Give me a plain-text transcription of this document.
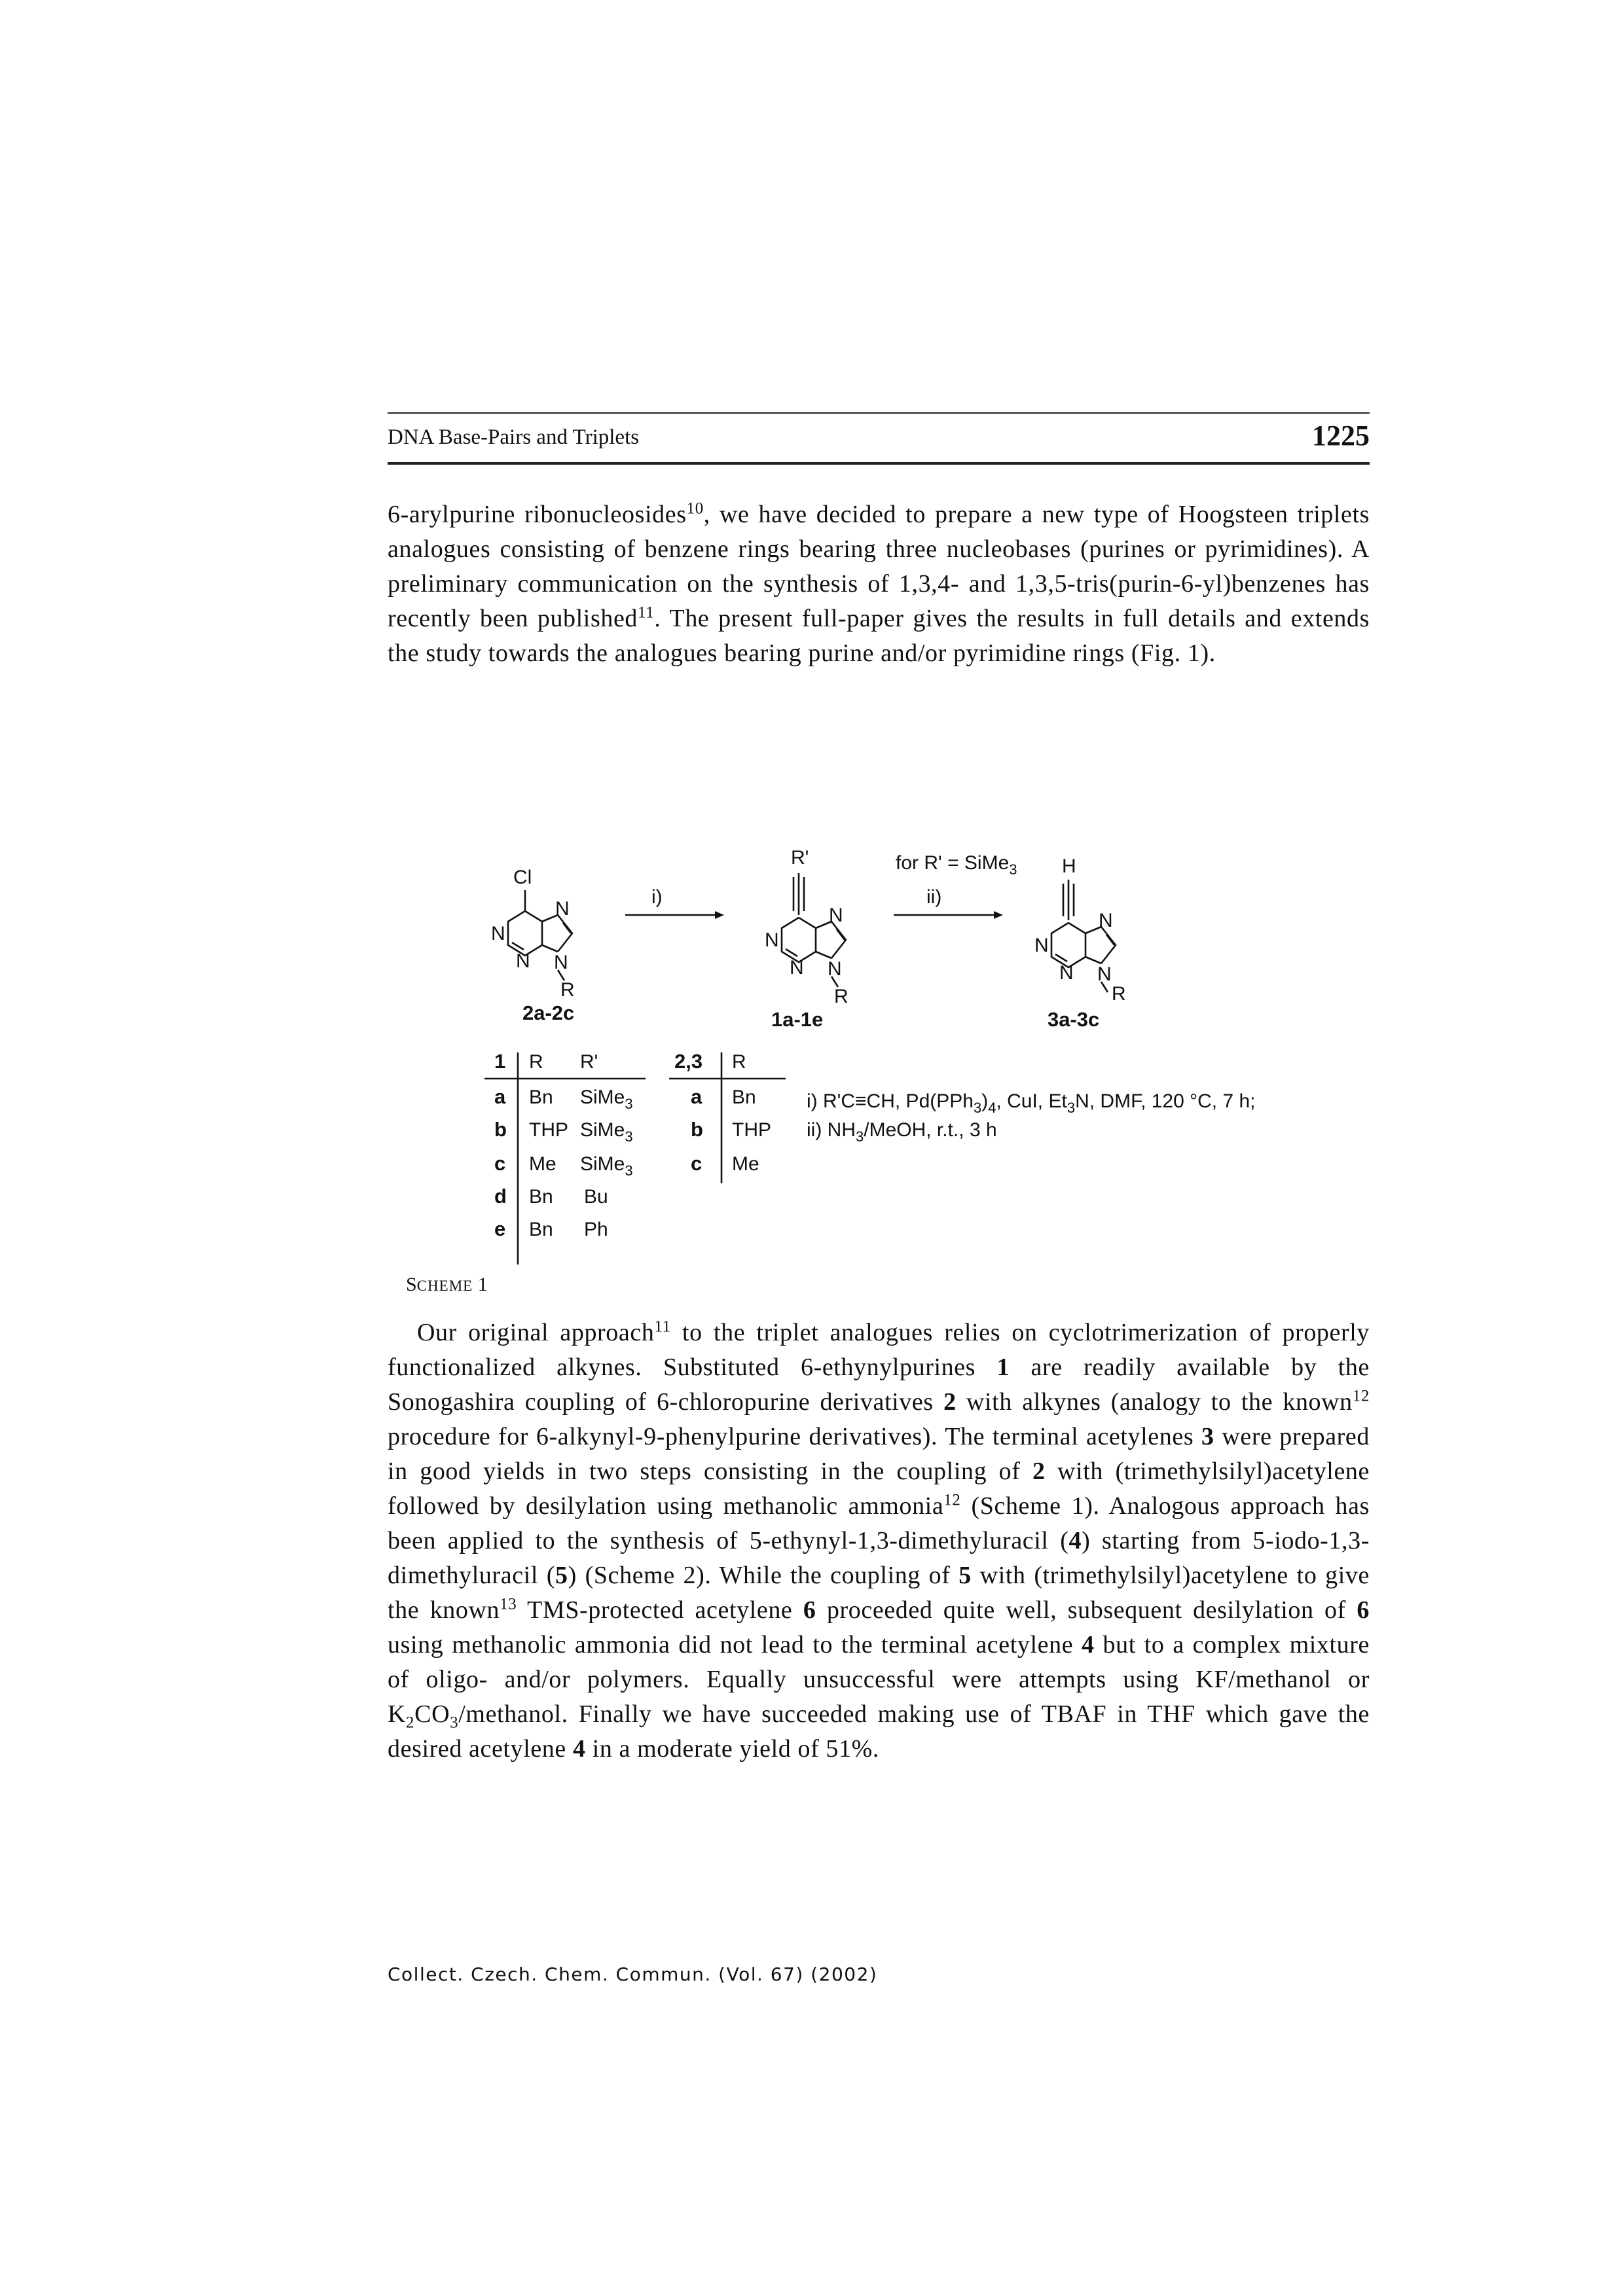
DNA Base-Pairs and Triplets	1225

6-arylpurine ribonucleosides$^{10}$, we have decided to prepare a new type of Hoogsteen triplets analogues consisting of benzene rings bearing three nucleobases (purines or pyrimidines). A preliminary communication on the synthesis of 1,3,4- and 1,3,5-tris(purin-6-yl)benzenes has recently been published$^{11}$. The present full-paper gives the results in full details and extends the study towards the analogues bearing purine and/or pyrimidine rings (Fig. 1).

Cl
N
N
N
N
R
2a-2c
i)
R'
N
N
N
N
R
1a-1e
for R' = SiMe$_3$
ii)
H
N
N
N
N
R
3a-3c
1 R R'
a Bn SiMe$_3$
b THP SiMe$_3$
c Me SiMe$_3$
d Bn Bu
e Bn Ph
2,3 R
a Bn
b THP
c Me
i) R'C≡CH, $Pd(PPh_3)_4$, CuI, $Et_3N$, DMF, 120 °C, 7 h;
ii) $NH_3$/MeOH, r.t., 3 h
SCHEME 1

Our original approach$^{11}$ to the triplet analogues relies on cyclotrimerization of properly functionalized alkynes. Substituted 6-ethynylpurines 1 are readily available by the Sonogashira coupling of 6-chloropurine derivatives 2 with alkynes (analogy to the known$^{12}$ procedure for 6-alkynyl-9-phenylpurine derivatives). The terminal acetylenes 3 were prepared in good yields in two steps consisting in the coupling of 2 with (trimethylsilyl)acetylene followed by desilylation using methanolic ammonia$^{12}$ (Scheme 1). Analogous approach has been applied to the synthesis of 5-ethynyl-1,3-dimethyluracil (4) starting from 5-iodo-1,3-dimethyluracil (5) (Scheme 2). While the coupling of 5 with (trimethylsilyl)acetylene to give the known$^{13}$ TMS-protected acetylene 6 proceeded quite well, subsequent desilylation of 6 using methanolic ammonia did not lead to the terminal acetylene 4 but to a complex mixture of oligo- and/or polymers. Equally unsuccessful were attempts using KF/methanol or $K_2CO_3$/methanol. Finally we have succeeded making use of TBAF in THF which gave the desired acetylene 4 in a moderate yield of 51%.

Collect. Czech. Chem. Commun. (Vol. 67) (2002)
